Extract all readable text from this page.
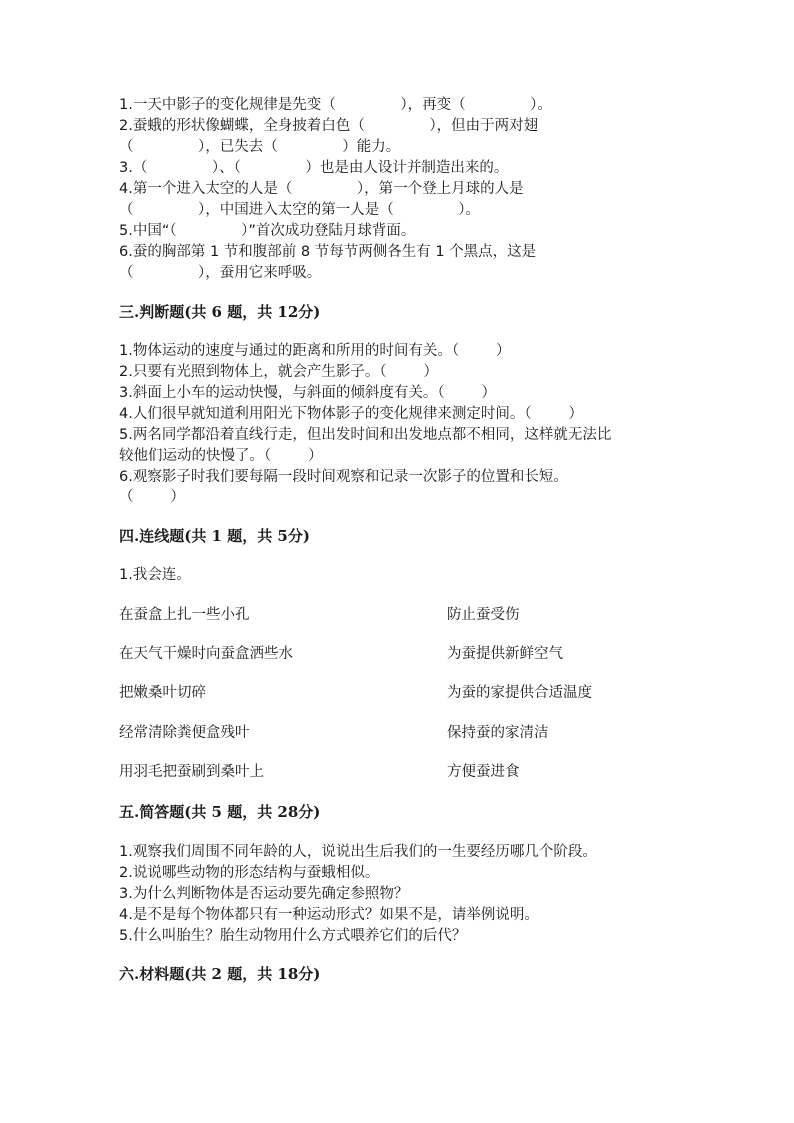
1.一天中影子的变化规律是先变（              ），再变（              ）。
2.蚕蛾的形状像蝴蝶，全身披着白色（              ），但由于两对翅
（              ），已失去（              ）能力。
3.（              ）、（              ）也是由人设计并制造出来的。
4.第一个进入太空的人是（              ），第一个登上月球的人是
（              ），中国进入太空的第一人是（              ）。
5.中国“（              ）”首次成功登陆月球背面。
6.蚕的胸部第 1 节和腹部前 8 节每节两侧各生有 1 个黑点，这是
（              ），蚕用它来呼吸。
三.判断题(共 6 题，共 12分)
1.物体运动的速度与通过的距离和所用的时间有关。（        ）
2.只要有光照到物体上，就会产生影子。（        ）
3.斜面上小车的运动快慢，与斜面的倾斜度有关。（        ）
4.人们很早就知道利用阳光下物体影子的变化规律来测定时间。（        ）
5.两名同学都沿着直线行走，但出发时间和出发地点都不相同，这样就无法比
较他们运动的快慢了。（        ）
6.观察影子时我们要每隔一段时间观察和记录一次影子的位置和长短。
（        ）
四.连线题(共 1 题，共 5分)
1.我会连。
在蚕盒上扎一些小孔	防止蚕受伤
在天气干燥时向蚕盒洒些水	为蚕提供新鲜空气
把嫩桑叶切碎	为蚕的家提供合适温度
经常清除粪便盒残叶	保持蚕的家清洁
用羽毛把蚕刷到桑叶上	方便蚕进食
五.简答题(共 5 题，共 28分)
1.观察我们周围不同年龄的人，说说出生后我们的一生要经历哪几个阶段。
2.说说哪些动物的形态结构与蚕蛾相似。
3.为什么判断物体是否运动要先确定参照物？
4.是不是每个物体都只有一种运动形式？如果不是，请举例说明。
5.什么叫胎生？胎生动物用什么方式喂养它们的后代？
六.材料题(共 2 题，共 18分)
